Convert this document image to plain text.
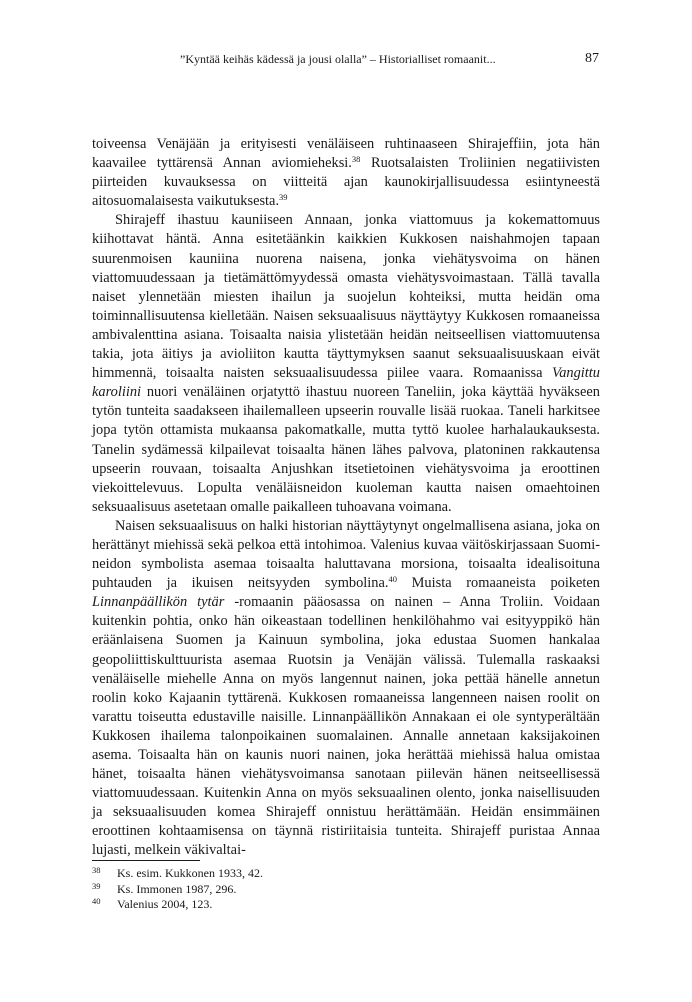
”Kyntää keihäs kädessä ja jousi olalla” – Historialliset romaanit...	87

toiveensa Venäjään ja erityisesti venäläiseen ruhtinaaseen Shirajeffiin, jota hän kaavailee tyttärensä Annan aviomieheksi.$^{38}$ Ruotsalaisten Troliinien negatiivisten piirteiden kuvauksessa on viitteitä ajan kaunokirjallisuudessa esiintyneestä aitosuomalaisesta vaikutuksesta.$^{39}$

Shirajeff ihastuu kauniiseen Annaan, jonka viattomuus ja kokemattomuus kiihottavat häntä. Anna esitetäänkin kaikkien Kukkosen naishahmojen tapaan suurenmoisen kauniina nuorena naisena, jonka viehätysvoima on hänen viattomuudessaan ja tietämättömyydessä omasta viehätysvoimastaan. Tällä tavalla naiset ylennetään miesten ihailun ja suojelun kohteiksi, mutta heidän oma toiminnallisuutensa kielletään. Naisen seksuaalisuus näyttäytyy Kukkosen romaaneissa ambivalenttina asiana. Toisaalta naisia ylistetään heidän neitseellisen viattomuutensa takia, jota äitiys ja avioliiton kautta täyttymyksen saanut seksuaalisuuskaan eivät himmennä, toisaalta naisten seksuaalisuudessa piilee vaara. Romaanissa Vangittu karoliini nuori venäläinen orjatyttö ihastuu nuoreen Taneliin, joka käyttää hyväkseen tytön tunteita saadakseen ihailemalleen upseerin rouvalle lisää ruokaa. Taneli harkitsee jopa tytön ottamista mukaansa pakomatkalle, mutta tyttö kuolee harhalaukauksesta. Tanelin sydämessä kilpailevat toisaalta hänen lähes palvova, platoninen rakkautensa upseerin rouvaan, toisaalta Anjushkan itsetietoinen viehätysvoima ja eroottinen viekoittelevuus. Lopulta venäläisneidon kuoleman kautta naisen omaehtoinen seksuaalisuus asetetaan omalle paikalleen tuhoavana voimana.

Naisen seksuaalisuus on halki historian näyttäytynyt ongelmallisena asiana, joka on herättänyt miehissä sekä pelkoa että intohimoa. Valenius kuvaa väitöskirjassaan Suomi-neidon symbolista asemaa toisaalta haluttavana morsiona, toisaalta idealisoituna puhtauden ja ikuisen neitsyyden symbolina.$^{40}$ Muista romaaneista poiketen Linnanpäällikön tytär -romaanin pääosassa on nainen – Anna Troliin. Voidaan kuitenkin pohtia, onko hän oikeastaan todellinen henkilöhahmo vai esityyppikö hän eräänlaisena Suomen ja Kainuun symbolina, joka edustaa Suomen hankalaa geopoliittiskulttuurista asemaa Ruotsin ja Venäjän välissä. Tulemalla raskaaksi venäläiselle miehelle Anna on myös langennut nainen, joka pettää hänelle annetun roolin koko Kajaanin tyttärenä. Kukkosen romaaneissa langenneen naisen roolit on varattu toiseutta edustaville naisille. Linnanpäällikön Annakaan ei ole syntyperältään Kukkosen ihailema talonpoikainen suomalainen. Annalle annetaan kaksijakoinen asema. Toisaalta hän on kaunis nuori nainen, joka herättää miehissä halua omistaa hänet, toisaalta hänen viehätysvoimansa sanotaan piilevän hänen neitseellisessä viattomuudessaan. Kuitenkin Anna on myös seksuaalinen olento, jonka naisellisuuden ja seksuaalisuuden komea Shirajeff onnistuu herättämään. Heidän ensimmäinen eroottinen kohtaamisensa on täynnä ristiriitaisia tunteita. Shirajeff puristaa Annaa lujasti, melkein väkivaltai-

38 Ks. esim. Kukkonen 1933, 42.
39 Ks. Immonen 1987, 296.
40 Valenius 2004, 123.
